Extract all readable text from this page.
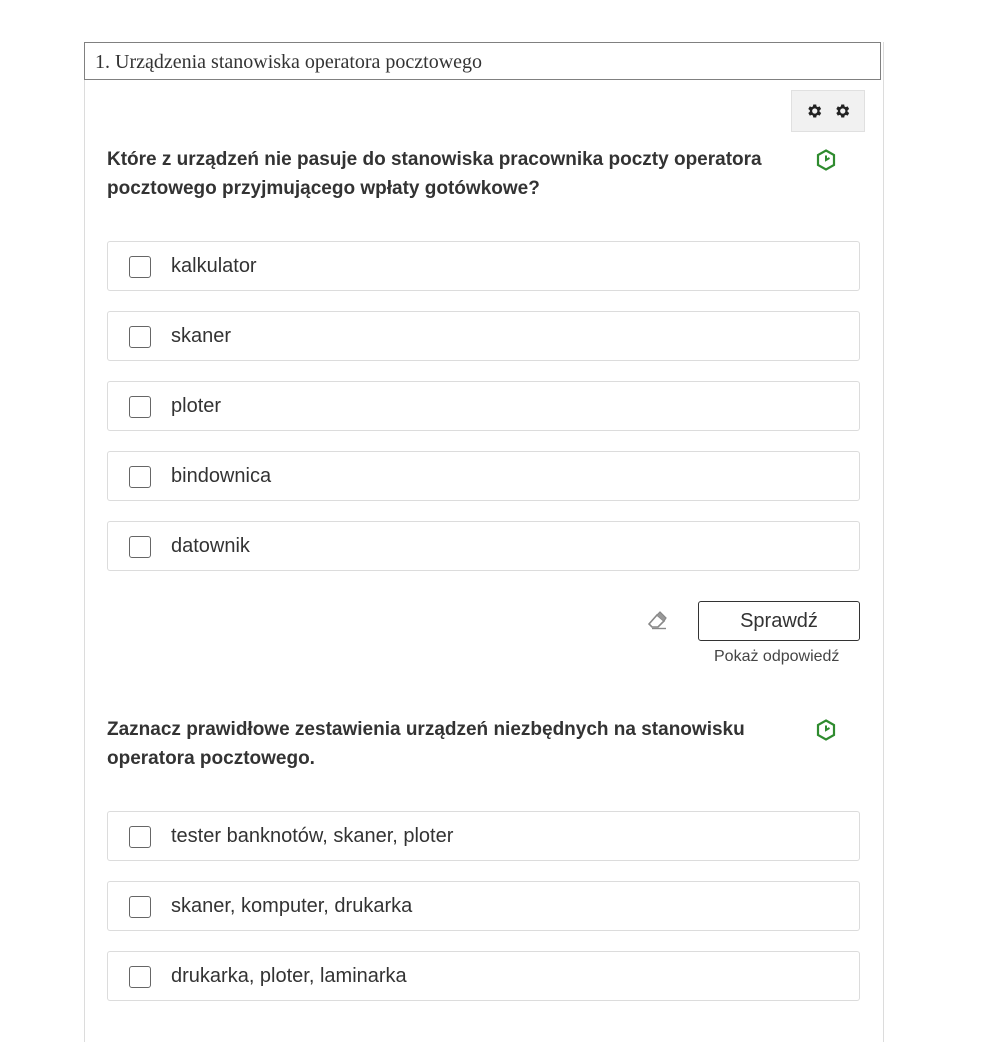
1. Urządzenia stanowiska operatora pocztowego
Które z urządzeń nie pasuje do stanowiska pracownika poczty operatora pocztowego przyjmującego wpłaty gotówkowe?
kalkulator
skaner
ploter
bindownica
datownik
Sprawdź
Pokaż odpowiedź
Zaznacz prawidłowe zestawienia urządzeń niezbędnych na stanowisku operatora pocztowego.
tester banknotów, skaner, ploter
skaner, komputer, drukarka
drukarka, ploter, laminarka
